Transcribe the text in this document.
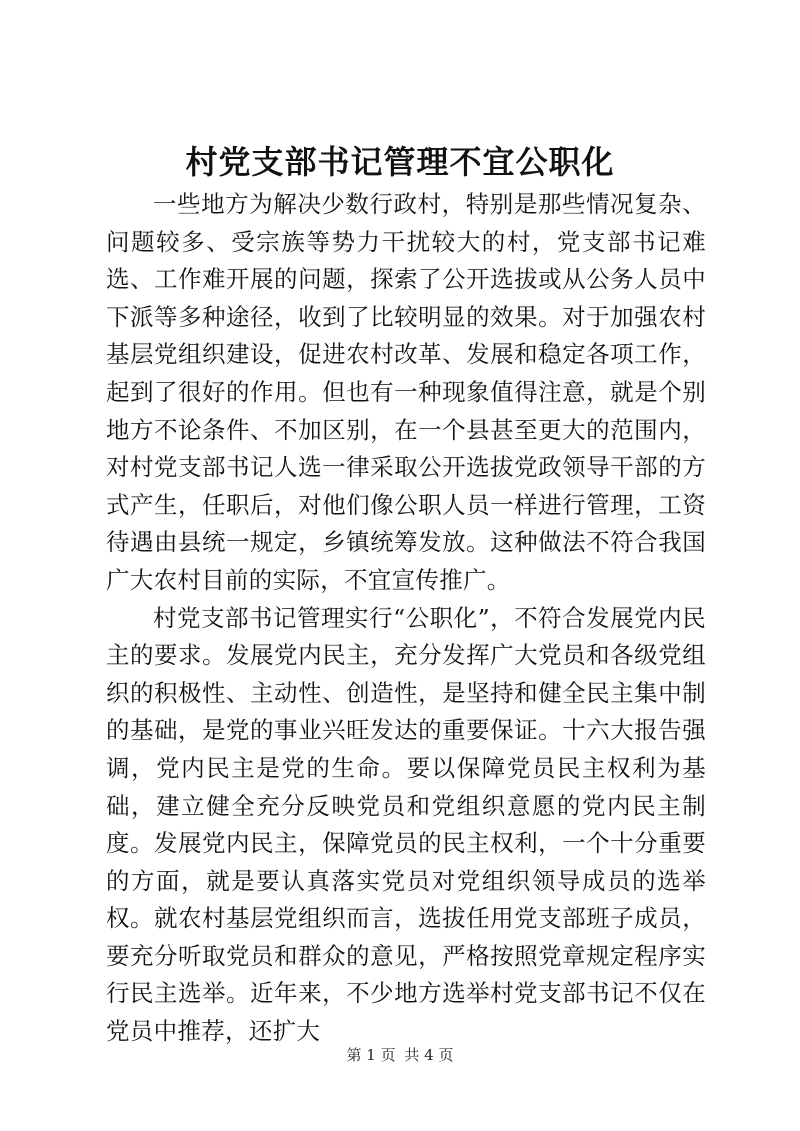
村党支部书记管理不宜公职化

一些地方为解决少数行政村，特别是那些情况复杂、问题较多、受宗族等势力干扰较大的村，党支部书记难选、工作难开展的问题，探索了公开选拔或从公务人员中下派等多种途径，收到了比较明显的效果。对于加强农村基层党组织建设，促进农村改革、发展和稳定各项工作，起到了很好的作用。但也有一种现象值得注意，就是个别地方不论条件、不加区别，在一个县甚至更大的范围内，对村党支部书记人选一律采取公开选拔党政领导干部的方式产生，任职后，对他们像公职人员一样进行管理，工资待遇由县统一规定，乡镇统筹发放。这种做法不符合我国广大农村目前的实际，不宜宣传推广。

村党支部书记管理实行“公职化”，不符合发展党内民主的要求。发展党内民主，充分发挥广大党员和各级党组织的积极性、主动性、创造性，是坚持和健全民主集中制的基础，是党的事业兴旺发达的重要保证。十六大报告强调，党内民主是党的生命。要以保障党员民主权利为基础，建立健全充分反映党员和党组织意愿的党内民主制度。发展党内民主，保障党员的民主权利，一个十分重要的方面，就是要认真落实党员对党组织领导成员的选举权。就农村基层党组织而言，选拔任用党支部班子成员，要充分听取党员和群众的意见，严格按照党章规定程序实行民主选举。近年来，不少地方选举村党支部书记不仅在党员中推荐，还扩大

第 1 页 共 4 页
